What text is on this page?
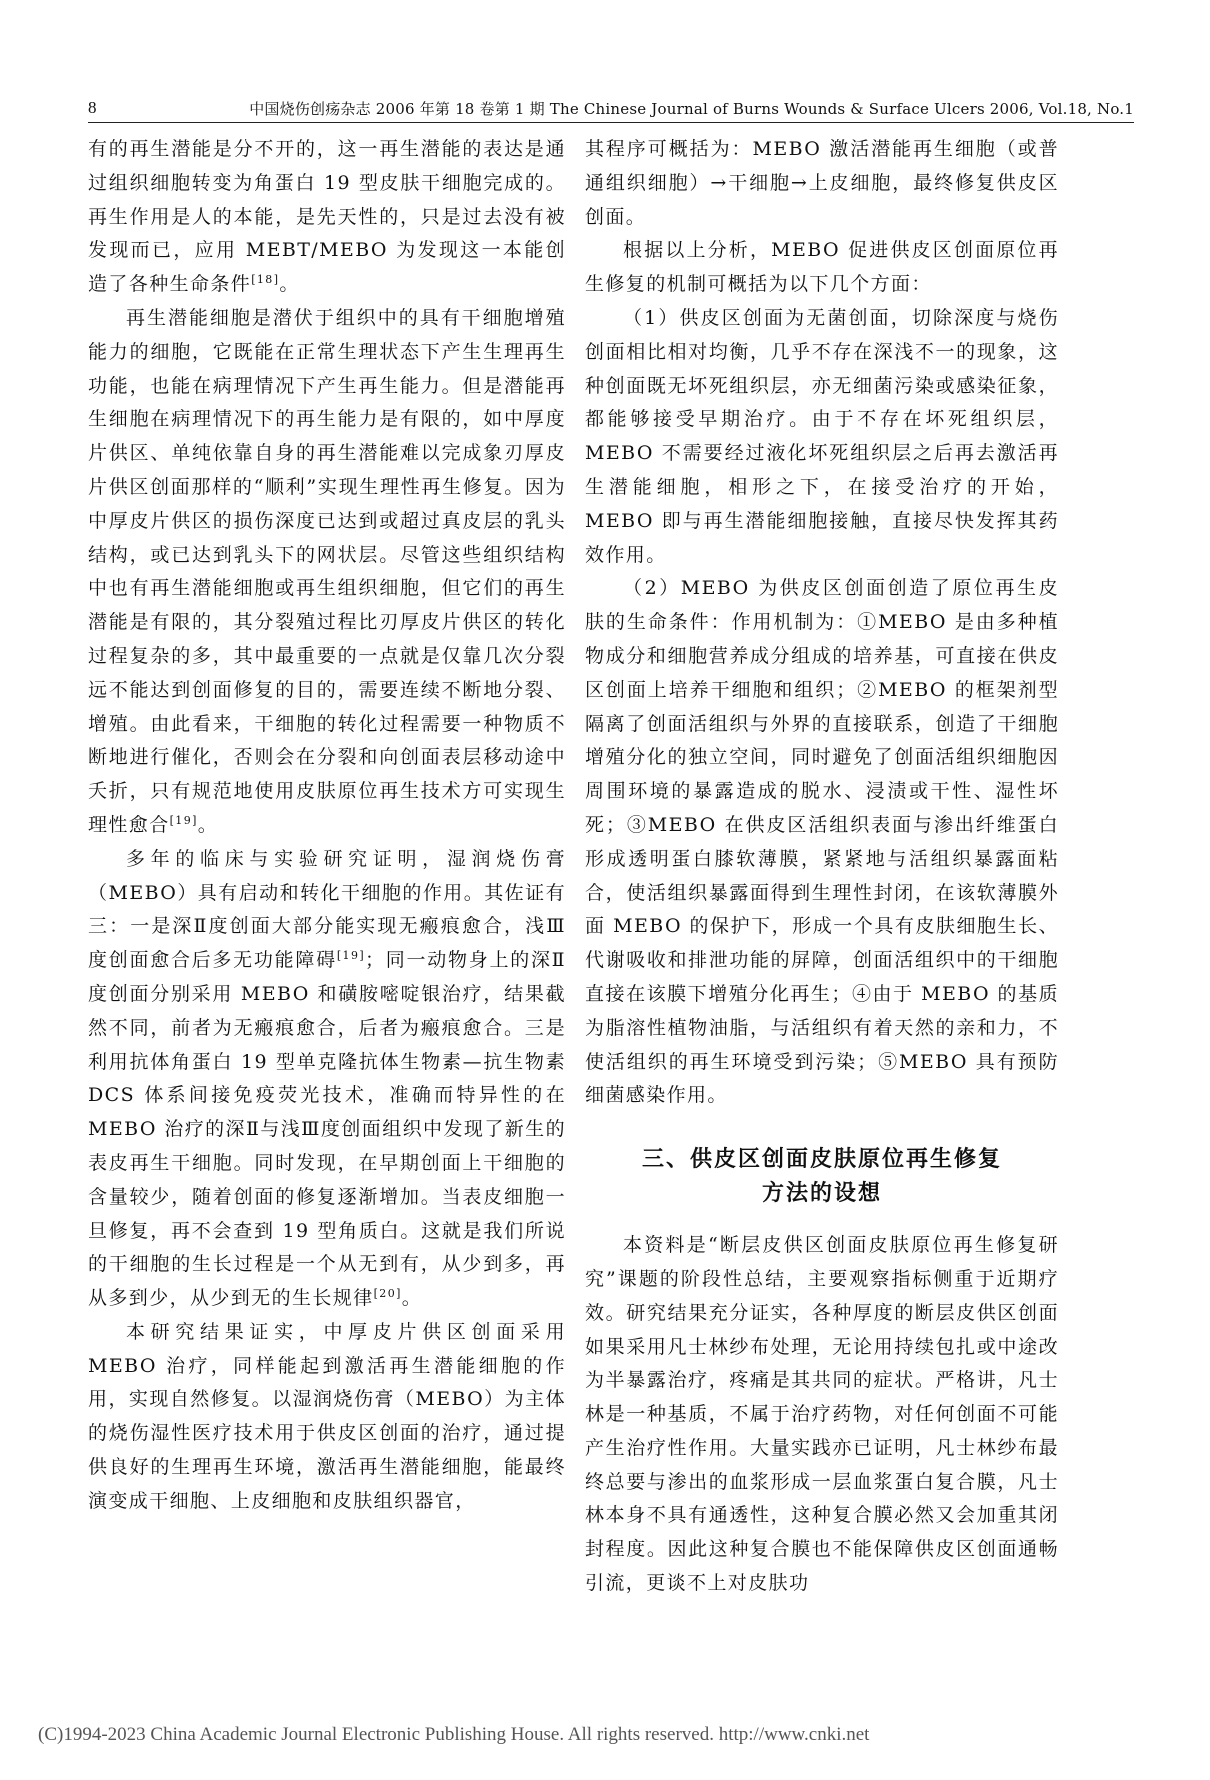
8	中国烧伤创疡杂志 2006 年第 18 卷第 1 期 The Chinese Journal of Burns Wounds & Surface Ulcers 2006, Vol.18, No.1

有的再生潜能是分不开的，这一再生潜能的表达是通过组织细胞转变为角蛋白 19 型皮肤干细胞完成的。再生作用是人的本能，是先天性的，只是过去没有被发现而已，应用 MEBT/MEBO 为发现这一本能创造了各种生命条件[18]。

再生潜能细胞是潜伏于组织中的具有干细胞增殖能力的细胞，它既能在正常生理状态下产生生理再生功能，也能在病理情况下产生再生能力。但是潜能再生细胞在病理情况下的再生能力是有限的，如中厚度片供区、单纯依靠自身的再生潜能难以完成象刃厚皮片供区创面那样的“顺利”实现生理性再生修复。因为中厚皮片供区的损伤深度已达到或超过真皮层的乳头结构，或已达到乳头下的网状层。尽管这些组织结构中也有再生潜能细胞或再生组织细胞，但它们的再生潜能是有限的，其分裂殖过程比刃厚皮片供区的转化过程复杂的多，其中最重要的一点就是仅靠几次分裂远不能达到创面修复的目的，需要连续不断地分裂、增殖。由此看来，干细胞的转化过程需要一种物质不断地进行催化，否则会在分裂和向创面表层移动途中夭折，只有规范地使用皮肤原位再生技术方可实现生理性愈合[19]。

多年的临床与实验研究证明，湿润烧伤膏（MEBO）具有启动和转化干细胞的作用。其佐证有三：一是深Ⅱ度创面大部分能实现无瘢痕愈合，浅Ⅲ度创面愈合后多无功能障碍[19]；同一动物身上的深Ⅱ度创面分别采用 MEBO 和磺胺嘧啶银治疗，结果截然不同，前者为无瘢痕愈合，后者为瘢痕愈合。三是利用抗体角蛋白 19 型单克隆抗体生物素—抗生物素 DCS 体系间接免疫荧光技术，准确而特异性的在 MEBO 治疗的深Ⅱ与浅Ⅲ度创面组织中发现了新生的表皮再生干细胞。同时发现，在早期创面上干细胞的含量较少，随着创面的修复逐渐增加。当表皮细胞一旦修复，再不会查到 19 型角质白。这就是我们所说的干细胞的生长过程是一个从无到有，从少到多，再从多到少，从少到无的生长规律[20]。

本研究结果证实，中厚皮片供区创面采用 MEBO 治疗，同样能起到激活再生潜能细胞的作用，实现自然修复。以湿润烧伤膏（MEBO）为主体的烧伤湿性医疗技术用于供皮区创面的治疗，通过提供良好的生理再生环境，激活再生潜能细胞，能最终演变成干细胞、上皮细胞和皮肤组织器官，

其程序可概括为：MEBO 激活潜能再生细胞（或普通组织细胞）→干细胞→上皮细胞，最终修复供皮区创面。

根据以上分析，MEBO 促进供皮区创面原位再生修复的机制可概括为以下几个方面：

（1）供皮区创面为无菌创面，切除深度与烧伤创面相比相对均衡，几乎不存在深浅不一的现象，这种创面既无坏死组织层，亦无细菌污染或感染征象，都能够接受早期治疗。由于不存在坏死组织层，MEBO 不需要经过液化坏死组织层之后再去激活再生潜能细胞，相形之下，在接受治疗的开始，MEBO 即与再生潜能细胞接触，直接尽快发挥其药效作用。

（2）MEBO 为供皮区创面创造了原位再生皮肤的生命条件：作用机制为：①MEBO 是由多种植物成分和细胞营养成分组成的培养基，可直接在供皮区创面上培养干细胞和组织；②MEBO 的框架剂型隔离了创面活组织与外界的直接联系，创造了干细胞增殖分化的独立空间，同时避免了创面活组织细胞因周围环境的暴露造成的脱水、浸渍或干性、湿性坏死；③MEBO 在供皮区活组织表面与渗出纤维蛋白形成透明蛋白膝软薄膜，紧紧地与活组织暴露面粘合，使活组织暴露面得到生理性封闭，在该软薄膜外面 MEBO 的保护下，形成一个具有皮肤细胞生长、代谢吸收和排泄功能的屏障，创面活组织中的干细胞直接在该膜下增殖分化再生；④由于 MEBO 的基质为脂溶性植物油脂，与活组织有着天然的亲和力，不使活组织的再生环境受到污染；⑤MEBO 具有预防细菌感染作用。

三、供皮区创面皮肤原位再生修复
方法的设想

本资料是“断层皮供区创面皮肤原位再生修复研究”课题的阶段性总结，主要观察指标侧重于近期疗效。研究结果充分证实，各种厚度的断层皮供区创面如果采用凡士林纱布处理，无论用持续包扎或中途改为半暴露治疗，疼痛是其共同的症状。严格讲，凡士林是一种基质，不属于治疗药物，对任何创面不可能产生治疗性作用。大量实践亦已证明，凡士林纱布最终总要与渗出的血浆形成一层血浆蛋白复合膜，凡士林本身不具有通透性，这种复合膜必然又会加重其闭封程度。因此这种复合膜也不能保障供皮区创面通畅引流，更谈不上对皮肤功

(C)1994-2023 China Academic Journal Electronic Publishing House. All rights reserved. http://www.cnki.net
